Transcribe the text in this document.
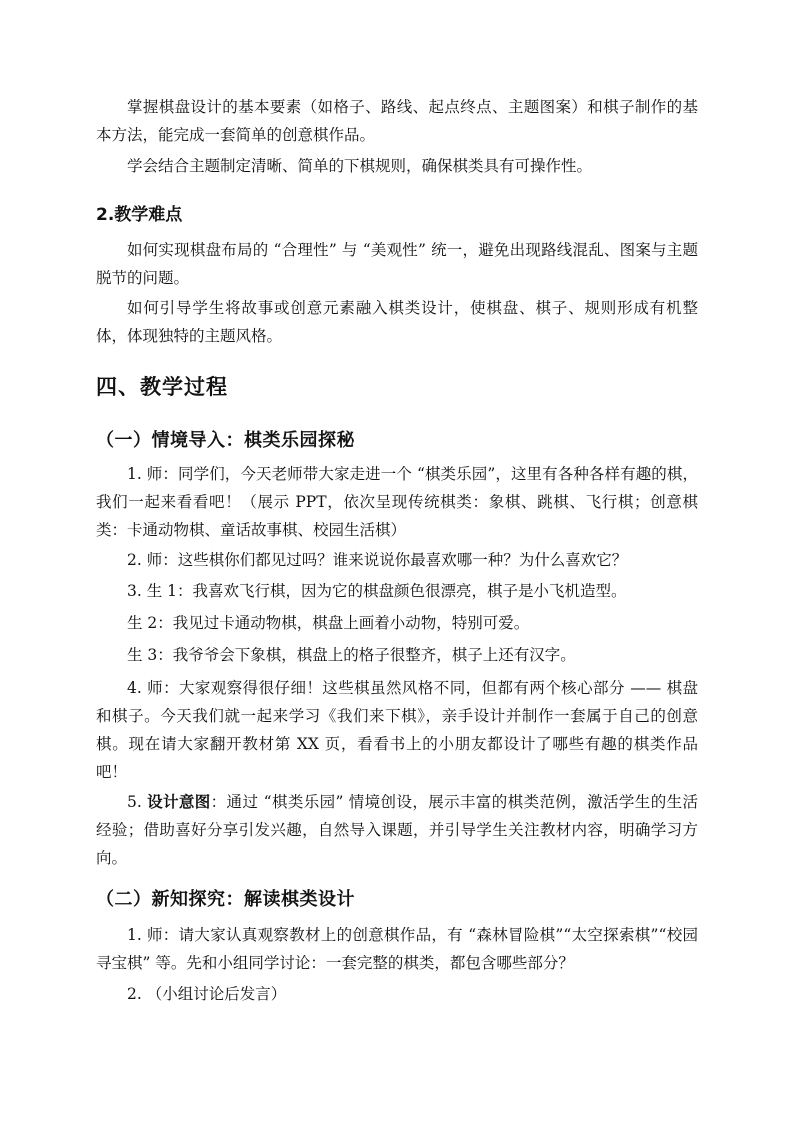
掌握棋盘设计的基本要素（如格子、路线、起点终点、主题图案）和棋子制作的基本方法，能完成一套简单的创意棋作品。

学会结合主题制定清晰、简单的下棋规则，确保棋类具有可操作性。

2.教学难点

如何实现棋盘布局的 “合理性” 与 “美观性” 统一，避免出现路线混乱、图案与主题脱节的问题。

如何引导学生将故事或创意元素融入棋类设计，使棋盘、棋子、规则形成有机整体，体现独特的主题风格。

四、教学过程
（一）情境导入：棋类乐园探秘

1. 师：同学们，今天老师带大家走进一个 “棋类乐园”，这里有各种各样有趣的棋，我们一起来看看吧！（展示 PPT，依次呈现传统棋类：象棋、跳棋、飞行棋；创意棋类：卡通动物棋、童话故事棋、校园生活棋）

2. 师：这些棋你们都见过吗？谁来说说你最喜欢哪一种？为什么喜欢它？

3. 生 1：我喜欢飞行棋，因为它的棋盘颜色很漂亮，棋子是小飞机造型。

生 2：我见过卡通动物棋，棋盘上画着小动物，特别可爱。

生 3：我爷爷会下象棋，棋盘上的格子很整齐，棋子上还有汉字。

4. 师：大家观察得很仔细！这些棋虽然风格不同，但都有两个核心部分 —— 棋盘和棋子。今天我们就一起来学习《我们来下棋》，亲手设计并制作一套属于自己的创意棋。现在请大家翻开教材第 XX 页，看看书上的小朋友都设计了哪些有趣的棋类作品吧！

5. 设计意图：通过 “棋类乐园” 情境创设，展示丰富的棋类范例，激活学生的生活经验；借助喜好分享引发兴趣，自然导入课题，并引导学生关注教材内容，明确学习方向。

（二）新知探究：解读棋类设计

1. 师：请大家认真观察教材上的创意棋作品，有 “森林冒险棋”“太空探索棋”“校园寻宝棋” 等。先和小组同学讨论：一套完整的棋类，都包含哪些部分？

2. （小组讨论后发言）
